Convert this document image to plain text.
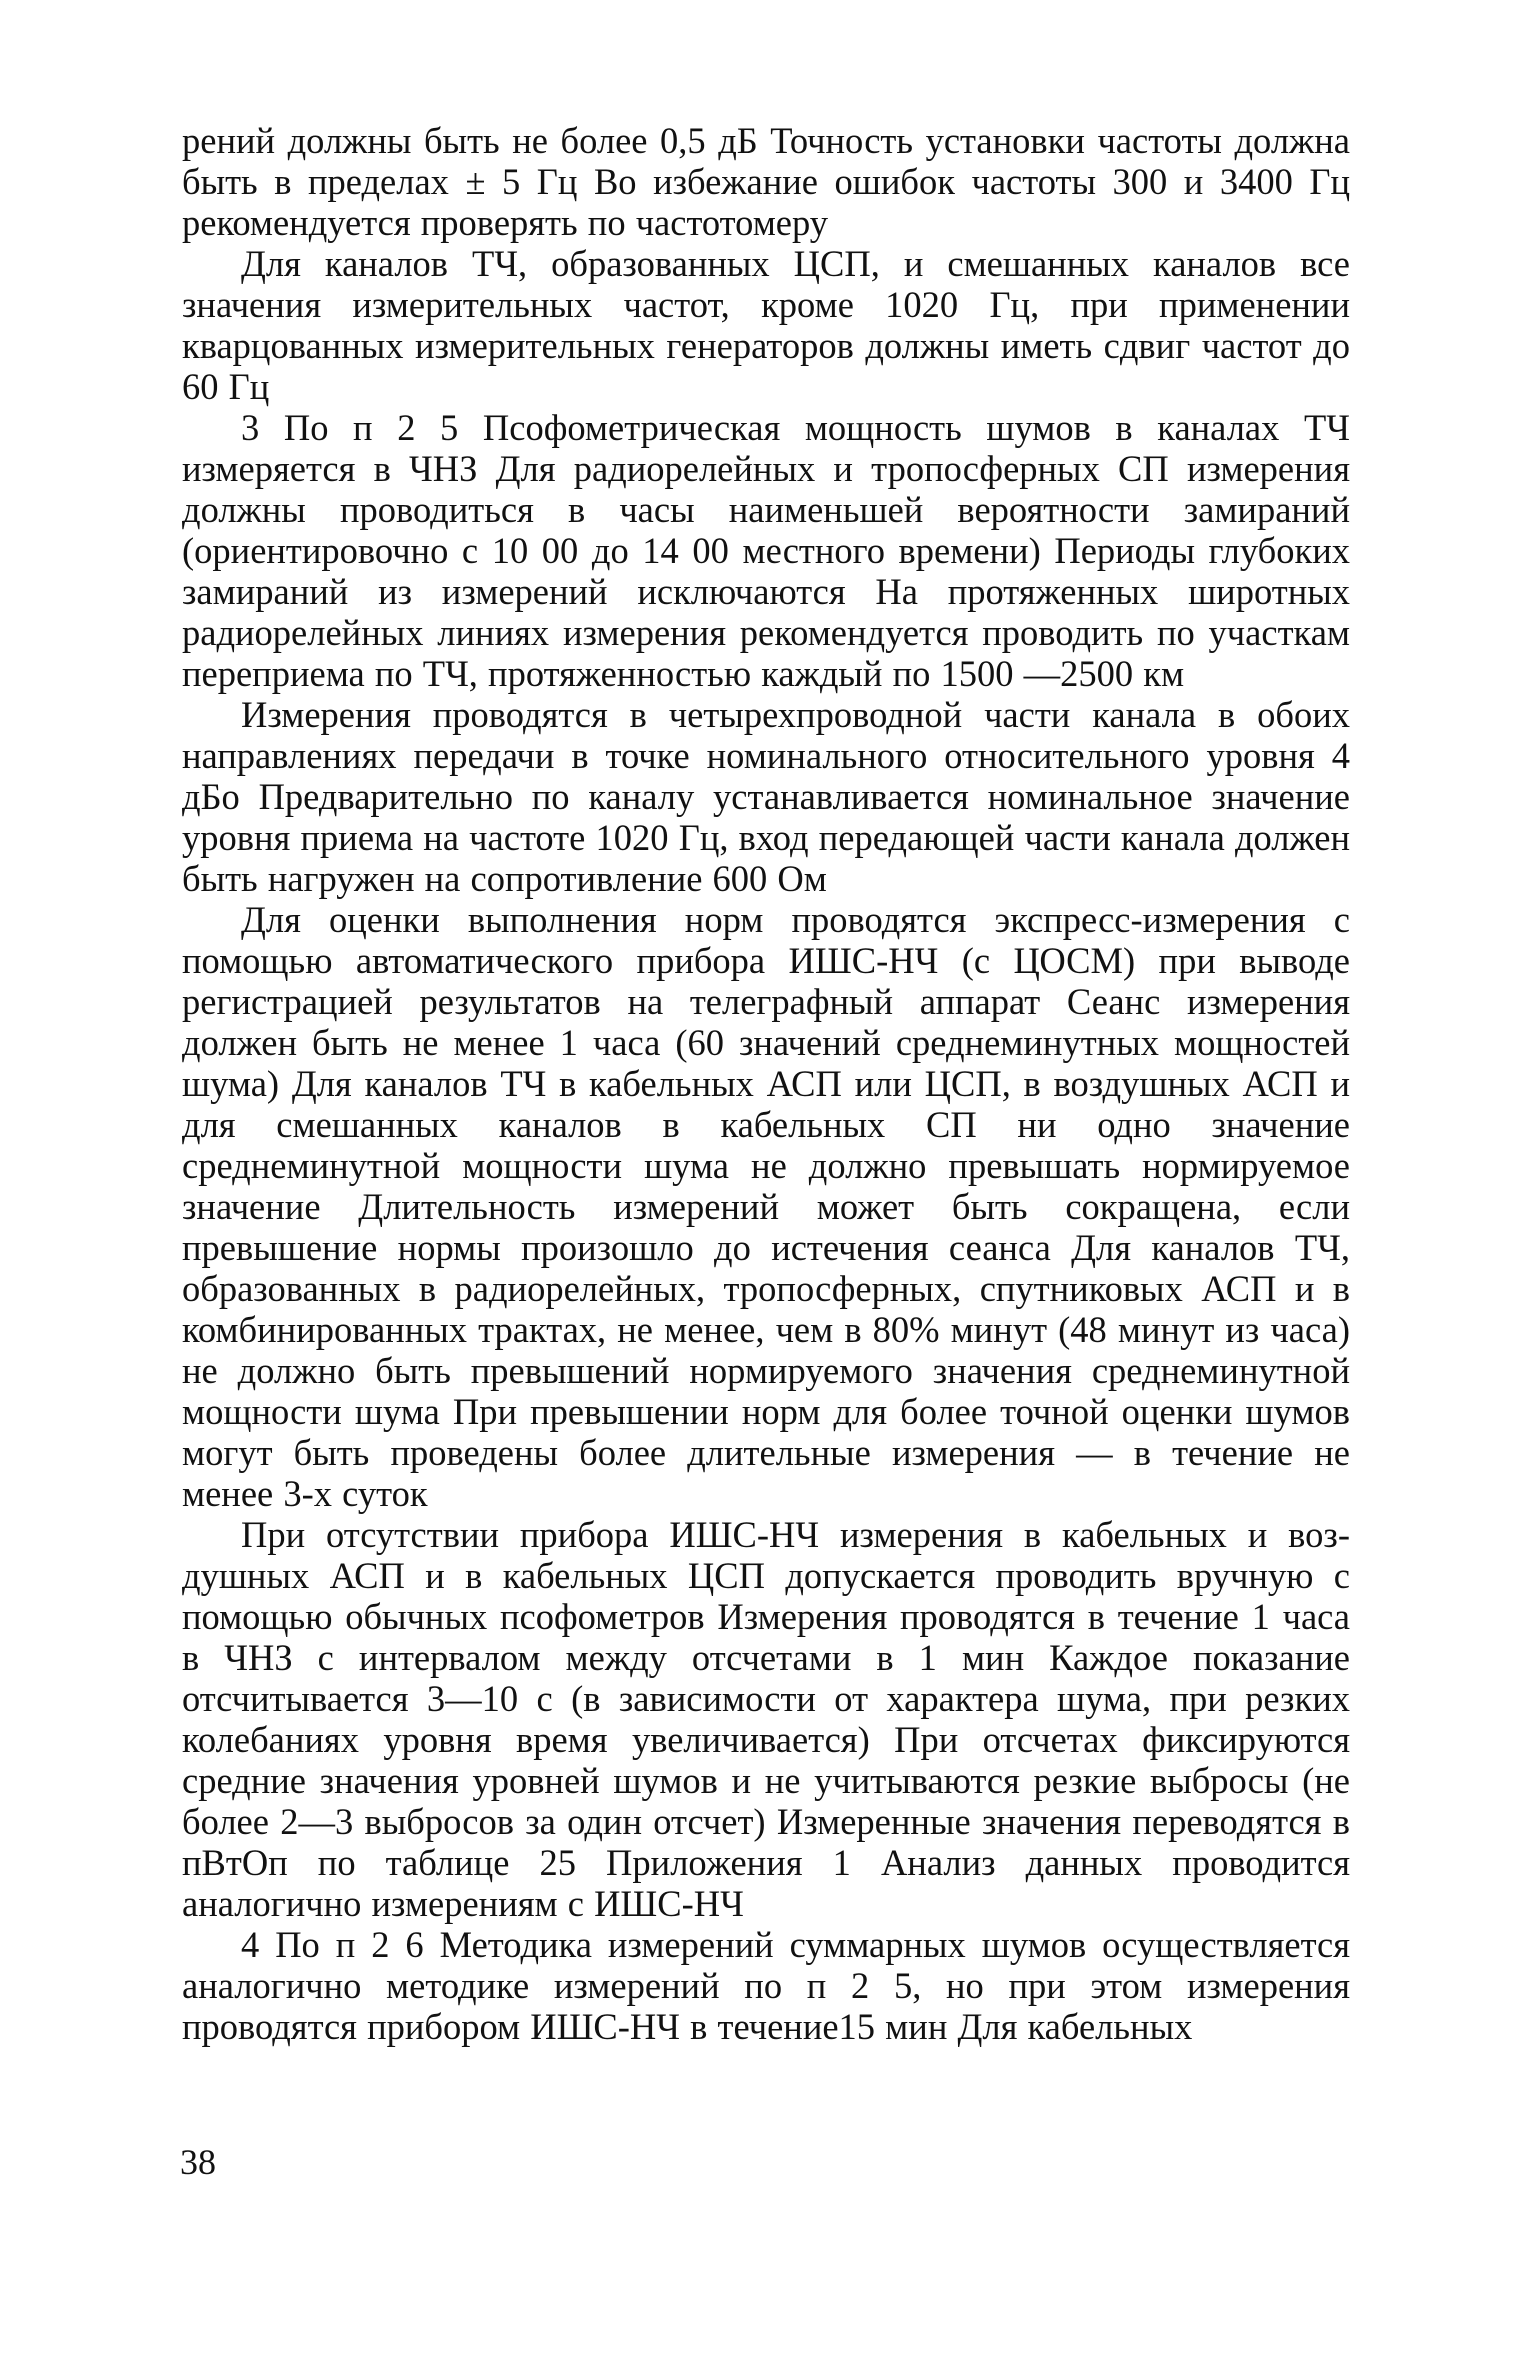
рений должны быть не более 0,5 дБ Точность установки частоты должна быть в пределах ± 5 Гц Во избежание ошибок частоты 300 и 3400 Гц рекомендуется проверять по частотомеру

Для каналов ТЧ, образованных ЦСП, и смешанных каналов все значения измерительных частот, кроме 1020 Гц, при применении кварцованных измерительных генераторов должны иметь сдвиг частот до 60 Гц

3 По п 2 5 Псофометрическая мощность шумов в каналах ТЧ измеряется в ЧНЗ Для радиорелейных и тропосферных СП измерения должны проводиться в часы наименьшей вероятности замираний (ориентировочно с 10 00 до 14 00 местного времени) Периоды глубоких замираний из измерений исключаются На протяженных широтных радиорелейных линиях измерения рекомендуется проводить по участкам переприема по ТЧ, протяженностью каждый по 1500 —2500 км

Измерения проводятся в четырехпроводной части канала в обоих направлениях передачи в точке номинального относительного уровня 4 дБо Предварительно по каналу устанавливается номинальное значение уровня приема на частоте 1020 Гц, вход передающей части канала должен быть нагружен на сопротивление 600 Ом

Для оценки выполнения норм проводятся экспресс-измерения с помощью автоматического прибора ИШС-НЧ (с ЦОСМ) при выводе регистрацией результатов на телеграфный аппарат Сеанс измерения должен быть не менее 1 часа (60 значений среднеминутных мощностей шума) Для каналов ТЧ в кабельных АСП или ЦСП, в воздушных АСП и для смешанных каналов в кабельных СП ни одно значение среднеминутной мощности шума не должно превышать нормируемое значение Длительность измерений может быть сокращена, если превышение нормы произошло до истечения сеанса Для каналов ТЧ, образованных в радиорелейных, тропосферных, спутниковых АСП и в комбинированных трактах, не менее, чем в 80% минут (48 минут из часа) не должно быть превышений нормируемого значения среднеминутной мощности шума При превышении норм для более точной оценки шумов могут быть проведены более длительные измерения — в течение не менее 3-х суток

При отсутствии прибора ИШС-НЧ измерения в кабельных и воздушных АСП и в кабельных ЦСП допускается проводить вручную с помощью обычных псофометров Измерения проводятся в течение 1 часа в ЧНЗ с интервалом между отсчетами в 1 мин Каждое показание отсчитывается 3—10 с (в зависимости от характера шума, при резких колебаниях уровня время увеличивается) При отсчетах фиксируются средние значения уровней шумов и не учитываются резкие выбросы (не более 2—3 выбросов за один отсчет) Измеренные значения переводятся в пВтОп по таблице 25 Приложения 1 Анализ данных проводится аналогично измерениям с ИШС-НЧ

4 По п 2 6 Методика измерений суммарных шумов осуществляется аналогично методике измерений по п 2 5, но при этом измерения проводятся прибором ИШС-НЧ в течение15 мин Для кабельных

38
